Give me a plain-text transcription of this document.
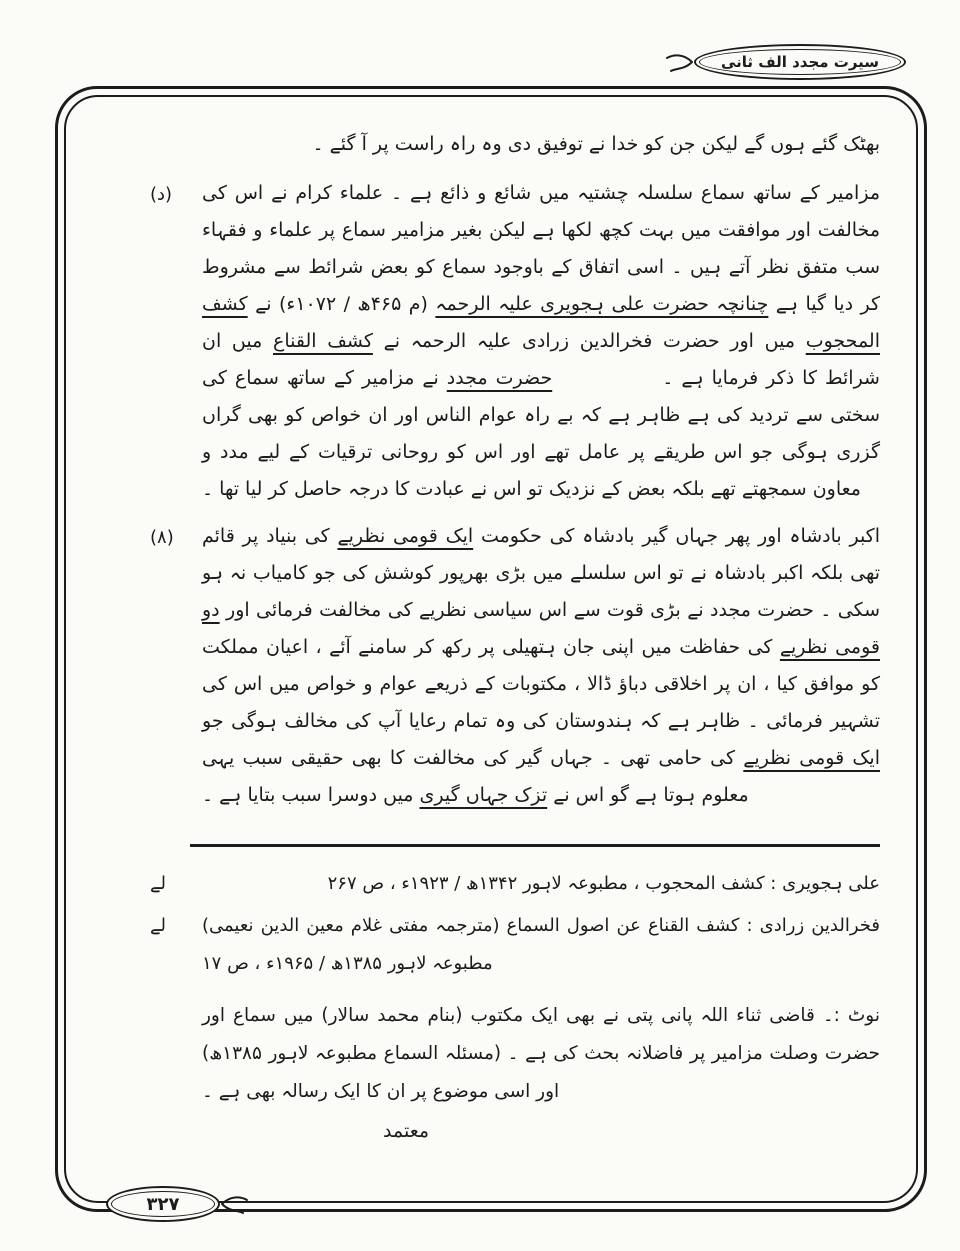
سیرت مجدد الف ثانی

بھٹک گئے ہوں گے لیکن جن کو خدا نے توفیق دی وہ راہ راست پر آ گئے ۔

(د)	مزامیر کے ساتھ سماع سلسلہ چشتیہ میں شائع و ذائع ہے ۔ علماء کرام نے اس کی مخالفت اور موافقت میں بہت کچھ لکھا ہے لیکن بغیر مزامیر سماع پر علماء و فقہاء سب متفق نظر آتے ہیں ۔ اسی اتفاق کے باوجود سماع کو بعض شرائط سے مشروط کر دیا گیا ہے چنانچہ حضرت علی ہجویری علیہ الرحمہ (م ۴۶۵ھ / ۱۰۷۲ء) نے کشف المحجوب میں اور حضرت فخرالدین زرادی علیہ الرحمہ نے کشف القناع میں ان شرائط کا ذکر فرمایا ہے ۔حضرت مجدد نے مزامیر کے ساتھ سماع کی سختی سے تردید کی ہے ظاہر ہے کہ بے راہ عوام الناس اور ان خواص کو بھی گراں گزری ہوگی جو اس طریقے پر عامل تھے اور اس کو روحانی ترقیات کے لیے مدد و معاون سمجھتے تھے بلکہ بعض کے نزدیک تو اس نے عبادت کا درجہ حاصل کر لیا تھا ۔

(۸)	اکبر بادشاہ اور پھر جہاں گیر بادشاہ کی حکومت ایک قومی نظریے کی بنیاد پر قائم تھی بلکہ اکبر بادشاہ نے تو اس سلسلے میں بڑی بھرپور کوشش کی جو کامیاب نہ ہو سکی ۔ حضرت مجدد نے بڑی قوت سے اس سیاسی نظریے کی مخالفت فرمائی اور دو قومی نظریے کی حفاظت میں اپنی جان ہتھیلی پر رکھ کر سامنے آئے ، اعیان مملکت کو موافق کیا ، ان پر اخلاقی دباؤ ڈالا ، مکتوبات کے ذریعے عوام و خواص میں اس کی تشہیر فرمائی ۔ ظاہر ہے کہ ہندوستان کی وہ تمام رعایا آپ کی مخالف ہوگی جو ایک قومی نظریے کی حامی تھی ۔ جہاں گیر کی مخالفت کا بھی حقیقی سبب یہی معلوم ہوتا ہے گو اس نے تزک جہاں گیری میں دوسرا سبب بتایا ہے ۔

لے	علی ہجویری : کشف المحجوب ، مطبوعہ لاہور ۱۳۴۲ھ / ۱۹۲۳ء ، ص ۲۶۷

لے	فخرالدین زرادی : کشف القناع عن اصول السماع (مترجمہ مفتی غلام معین الدین نعیمی) مطبوعہ لاہور ۱۳۸۵ھ / ۱۹۶۵ء ، ص ۱۷

نوٹ :۔ قاضی ثناء اللہ پانی پتی نے بھی ایک مکتوب (بنام محمد سالار) میں سماع اور حضرت وصلت مزامیر پر فاضلانہ بحث کی ہے ۔ (مسئلہ السماع مطبوعہ لاہور ۱۳۸۵ھ) اور اسی موضوع پر ان کا ایک رسالہ بھی ہے ۔

معتمد
۳۲۷
